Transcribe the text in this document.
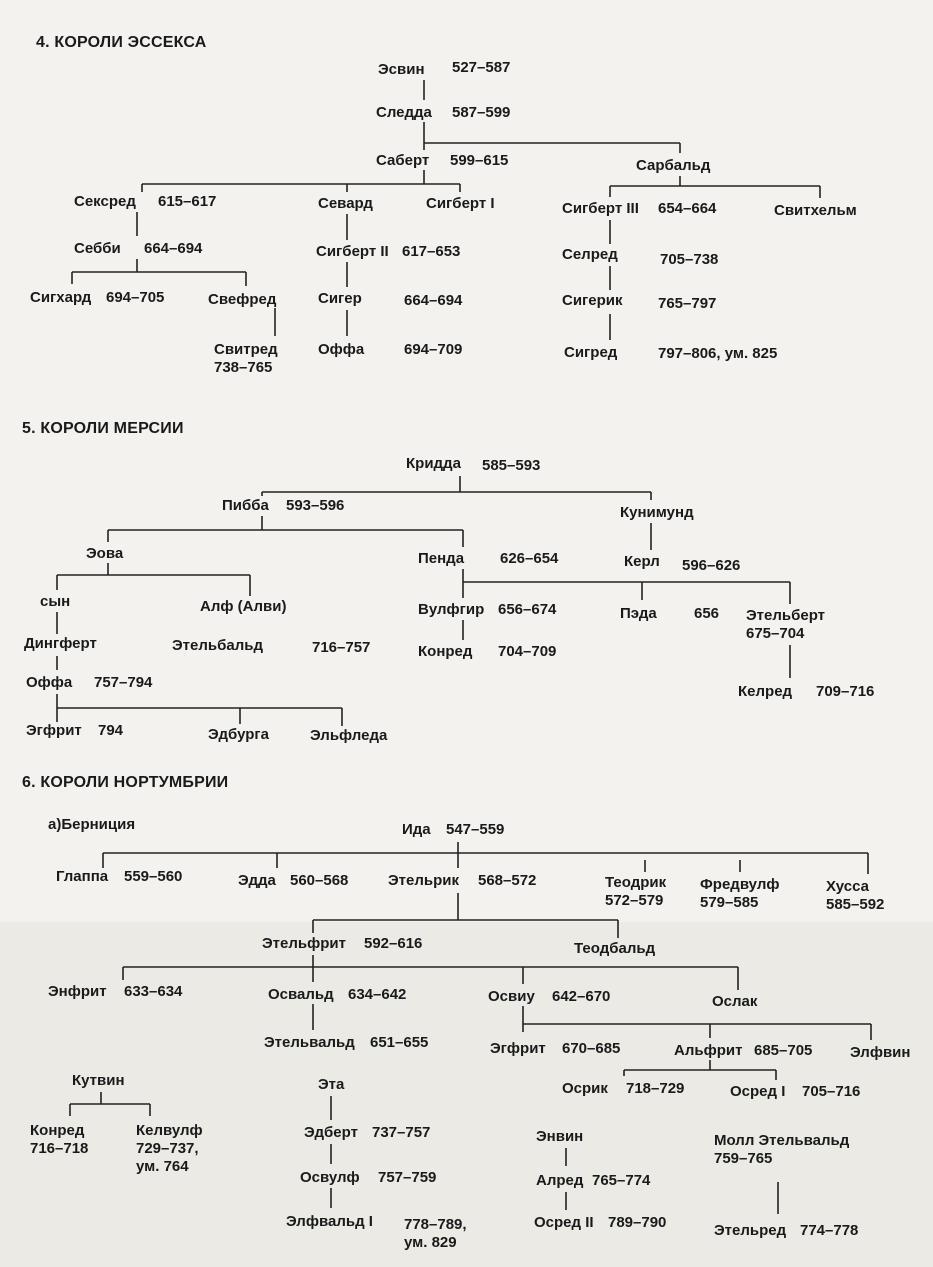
4. КОРОЛИ ЭССЕКСА
5. КОРОЛИ МЕРСИИ
6. КОРОЛИ НОРТУМБРИИ
а)Берниция
Эсвин 527–587
Следда 587–599
Саберт 599–615	Сарбальд
Сексред 615–617	Севард	Сигберт I	Сигберт III 654–664	Свитхельм
Себби 664–694	Сигберт II 617–653	Селред	705–738
Сигхард 694–705	Свефред	Сигер	664–694	Сигерик 765–797
Свитред
738–765
Оффа	694–709	Сигред	797–806, ум. 825
Кридда 585–593
Пибба 593–596	Кунимунд
Эова	Пенда 626–654	Керл 596–626
сын	Алф (Алви)	Вулфгир 656–674	Пэда 656 Этельберт
675–704
Дингферт	Этельбальд	716–757	Конред 704–709
Оффа 757–794
Келред 709–716
Эгфрит 794	Эдбурга	Эльфледа
Ида 547–559
Глаппа 559–560	Эдда 560–568	Этельрик 568–572	Теодрик
572–579
Фредвулф
579–585
Хусса
585–592
Этельфрит 592–616	Теодбальд
Энфрит 633–634	Освальд 634–642	Освиу 642–670	Ослак
Этельвальд 651–655	Эгфрит 670–685	Альфрит 685–705	Элфвин
Кутвин	Эта	Осрик 718–729	Осред I 705–716
Конред
716–718
Келвулф
729–737,
ум. 764
Эдберт 737–757	Энвин	Молл Этельвальд
759–765
Освулф 757–759	Алред 765–774
Элфвальд I 778–789,
ум. 829
Осред II 789–790	Этельред 774–778
